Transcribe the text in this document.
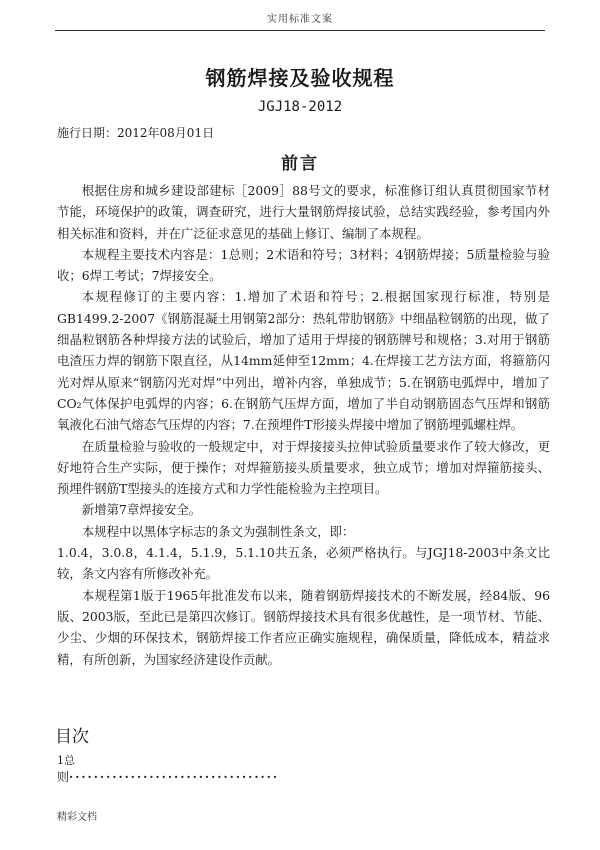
实用标准文案
钢筋焊接及验收规程
JGJ18-2012
施行日期：2012年08月01日
前言

根据住房和城乡建设部建标［2009］88号文的要求，标准修订组认真贯彻国家节材节能，环境保护的政策，调查研究，进行大量钢筋焊接试验，总结实践经验，参考国内外相关标准和资料，并在广泛征求意见的基础上修订、编制了本规程。

本规程主要技术内容是：1总则；2术语和符号；3材料；4钢筋焊接；5质量检验与验收；6焊工考试；7焊接安全。

本规程修订的主要内容：1.增加了术语和符号；2.根据国家现行标准，特别是GB1499.2-2007《钢筋混凝土用钢第2部分：热轧带肋钢筋》中细晶粒钢筋的出现，做了细晶粒钢筋各种焊接方法的试验后，增加了适用于焊接的钢筋牌号和规格；3.对用于钢筋电渣压力焊的钢筋下限直径，从14mm延伸至12mm；4.在焊接工艺方法方面，将箍筋闪光对焊从原来“钢筋闪光对焊”中列出，增补内容，单独成节；5.在钢筋电弧焊中，增加了CO₂气体保护电弧焊的内容；6.在钢筋气压焊方面，增加了半自动钢筋固态气压焊和钢筋氧液化石油气熔态气压焊的内容；7.在预埋件T形接头焊接中增加了钢筋埋弧螺柱焊。

在质量检验与验收的一般规定中，对于焊接接头拉伸试验质量要求作了较大修改，更好地符合生产实际，便于操作；对焊箍筋接头质量要求，独立成节；增加对焊箍筋接头、预埋件钢筋T型接头的连接方式和力学性能检验为主控项目。

新增第7章焊接安全。

本规程中以黑体字标志的条文为强制性条文，即：

1.0.4，3.0.8，4.1.4，5.1.9，5.1.10共五条，必须严格执行。与JGJ18-2003中条文比较，条文内容有所修改补充。

本规程第1版于1965年批准发布以来，随着钢筋焊接技术的不断发展，经84版、96版、2003版，至此已是第四次修订。钢筋焊接技术具有很多优越性，是一项节材、节能、少尘、少烟的环保技术，钢筋焊接工作者应正确实施规程，确保质量，降低成本，精益求精，有所创新，为国家经济建设作贡献。

目次
1总
则··································
精彩文档
